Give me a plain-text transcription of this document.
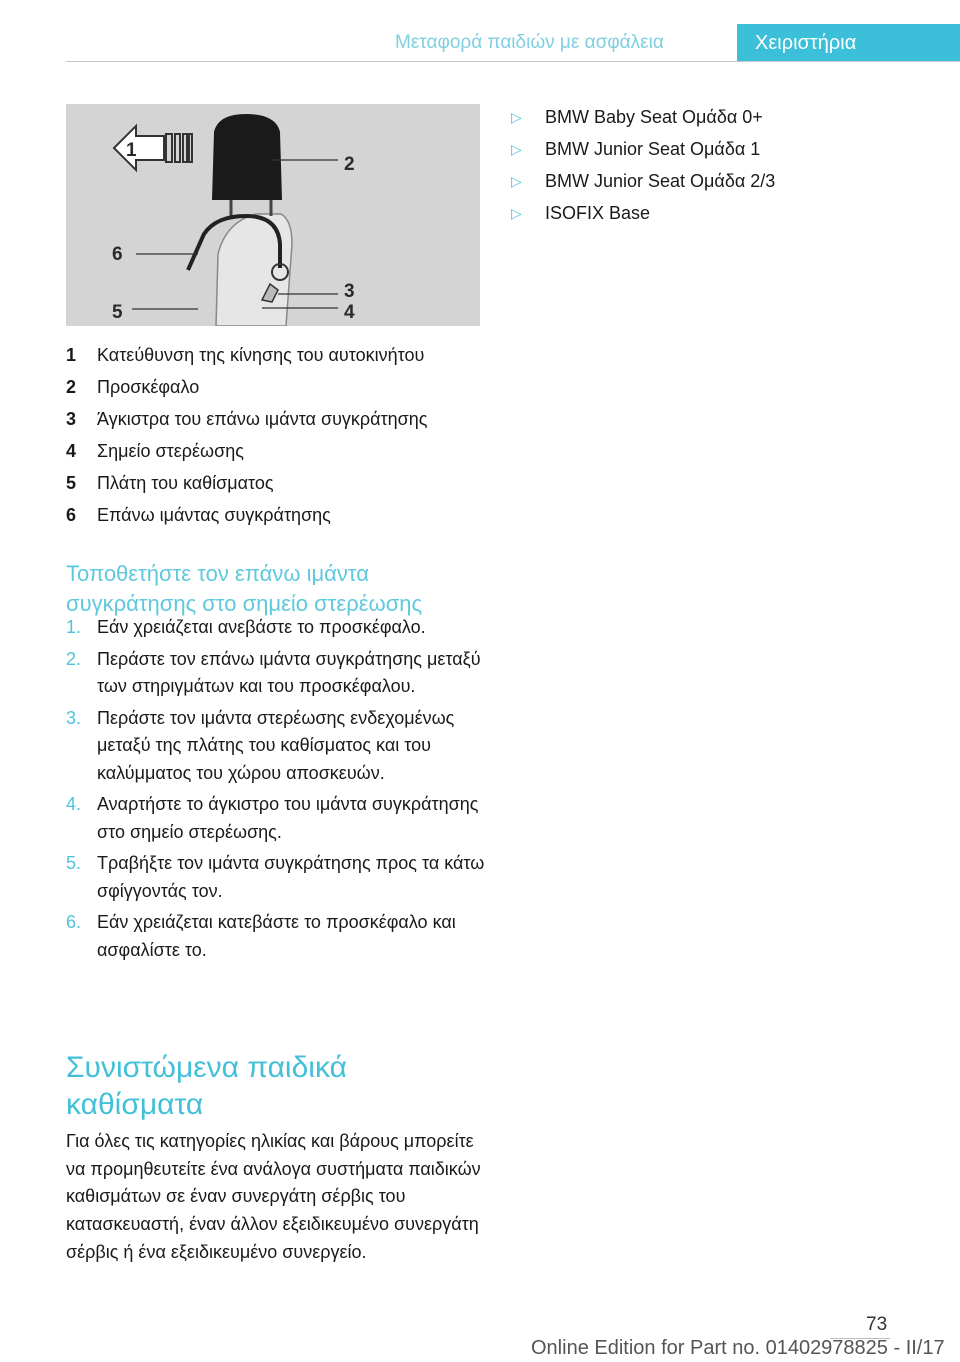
Μεταφορά παιδιών με ασφάλεια	Χειριστήρια
1
2
3
4
5
6
1	Κατεύθυνση της κίνησης του αυτοκινήτου
2	Προσκέφαλο
3	Άγκιστρα του επάνω ιμάντα συγκράτησης
4	Σημείο στερέωσης
5	Πλάτη του καθίσματος
6	Επάνω ιμάντας συγκράτησης
Τοποθετήστε τον επάνω ιμάντα συγκράτησης στο σημείο στερέωσης
1. Εάν χρειάζεται ανεβάστε το προσκέφαλο.
2. Περάστε τον επάνω ιμάντα συγκράτησης μεταξύ των στηριγμάτων και του προσκέφαλου.
3. Περάστε τον ιμάντα στερέωσης ενδεχομένως μεταξύ της πλάτης του καθίσματος και του καλύμματος του χώρου αποσκευών.
4. Αναρτήστε το άγκιστρο του ιμάντα συγκράτησης στο σημείο στερέωσης.
5. Τραβήξτε τον ιμάντα συγκράτησης προς τα κάτω σφίγγοντάς τον.
6. Εάν χρειάζεται κατεβάστε το προσκέφαλο και ασφαλίστε το.
Συνιστώμενα παιδικά καθίσματα
Για όλες τις κατηγορίες ηλικίας και βάρους μπορείτε να προμηθευτείτε ένα ανάλογα συστήματα παιδικών καθισμάτων σε έναν συνεργάτη σέρβις του κατασκευαστή, έναν άλλον εξειδικευμένο συνεργάτη σέρβις ή ένα εξειδικευμένο συνεργείο.
▷	BMW Baby Seat Ομάδα 0+
▷	BMW Junior Seat Ομάδα 1
▷	BMW Junior Seat Ομάδα 2/3
▷	ISOFIX Base
73
Online Edition for Part no. 01402978825 - II/17
